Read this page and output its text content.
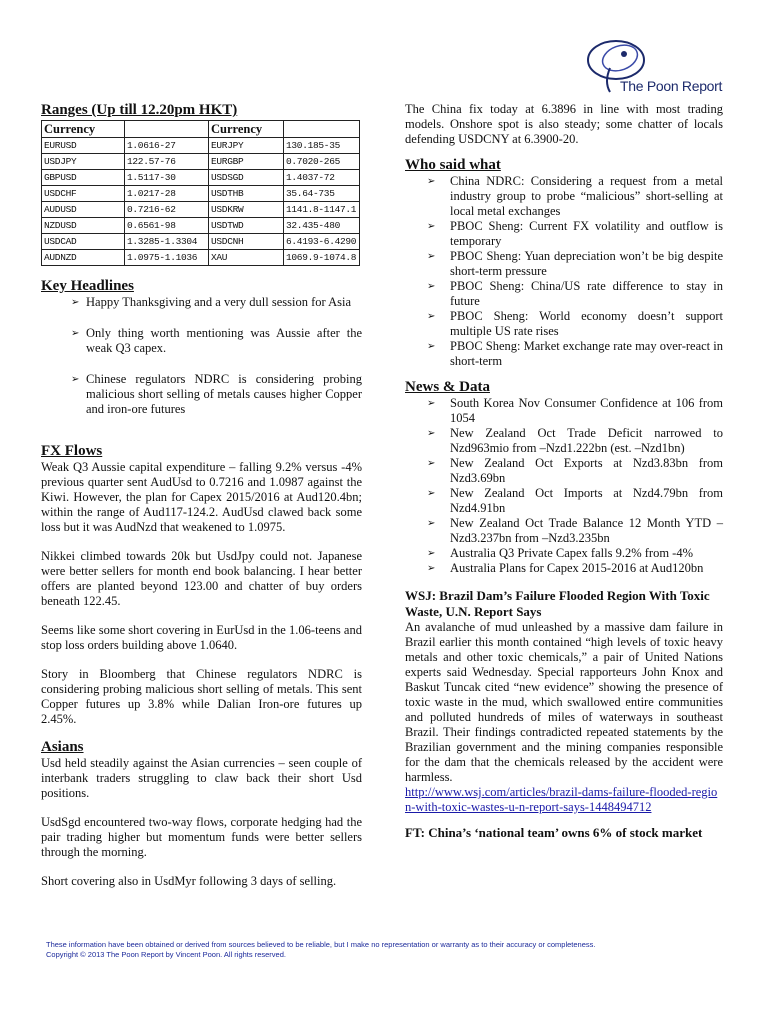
The Poon Report
Ranges (Up till 12.20pm HKT)
Currency		Currency	
EURUSD	1.0616-27	EURJPY	130.185-35
USDJPY	122.57-76	EURGBP	0.7020-265
GBPUSD	1.5117-30	USDSGD	1.4037-72
USDCHF	1.0217-28	USDTHB	35.64-735
AUDUSD	0.7216-62	USDKRW	1141.8-1147.1
NZDUSD	0.6561-98	USDTWD	32.435-480
USDCAD	1.3285-1.3304	USDCNH	6.4193-6.4290
AUDNZD	1.0975-1.1036	XAU	1069.9-1074.8
Key Headlines
➢ Happy Thanksgiving and a very dull session for Asia
➢ Only thing worth mentioning was Aussie after the weak Q3 capex.
➢ Chinese regulators NDRC is considering probing malicious short selling of metals causes higher Copper and iron-ore futures
FX Flows

Weak Q3 Aussie capital expenditure – falling 9.2% versus -4% previous quarter sent AudUsd to 0.7216 and 1.0987 against the Kiwi. However, the plan for Capex 2015/2016 at Aud120.4bn; within the range of Aud117-124.2. AudUsd clawed back some loss but it was AudNzd that weakened to 1.0975.

Nikkei climbed towards 20k but UsdJpy could not. Japanese were better sellers for month end book balancing. I hear better offers are planted beyond 123.00 and chatter of buy orders beneath 122.45.

Seems like some short covering in EurUsd in the 1.06-teens and stop loss orders building above 1.0640.

Story in Bloomberg that Chinese regulators NDRC is considering probing malicious short selling of metals. This sent Copper futures up 3.8% while Dalian Iron-ore futures up 2.45%.

Asians

Usd held steadily against the Asian currencies – seen couple of interbank traders struggling to claw back their short Usd positions.

UsdSgd encountered two-way flows, corporate hedging had the pair trading higher but momentum funds were better sellers through the morning.

Short covering also in UsdMyr following 3 days of selling.

The China fix today at 6.3896 in line with most trading models. Onshore spot is also steady; some chatter of locals defending USDCNY at 6.3900-20.

Who said what
➢ China NDRC: Considering a request from a metal industry group to probe “malicious” short-selling at local metal exchanges
➢ PBOC Sheng: Current FX volatility and outflow is temporary
➢ PBOC Sheng: Yuan depreciation won’t be big despite short-term pressure
➢ PBOC Sheng: China/US rate difference to stay in future
➢ PBOC Sheng: World economy doesn’t support multiple US rate rises
➢ PBOC Sheng: Market exchange rate may over-react in short-term
News & Data
➢ South Korea Nov Consumer Confidence at 106 from 1054
➢ New Zealand Oct Trade Deficit narrowed to Nzd963mio from –Nzd1.222bn (est. –Nzd1bn)
➢ New Zealand Oct Exports at Nzd3.83bn from Nzd3.69bn
➢ New Zealand Oct Imports at Nzd4.79bn from Nzd4.91bn
➢ New Zealand Oct Trade Balance 12 Month YTD –Nzd3.237bn from –Nzd3.235bn
➢ Australia Q3 Private Capex falls 9.2% from -4%
➢ Australia Plans for Capex 2015-2016 at Aud120bn
WSJ: Brazil Dam’s Failure Flooded Region With Toxic Waste, U.N. Report Says

An avalanche of mud unleashed by a massive dam failure in Brazil earlier this month contained “high levels of toxic heavy metals and other toxic chemicals,” a pair of United Nations experts said Wednesday. Special rapporteurs John Knox and Baskut Tuncak cited “new evidence” showing the presence of toxic waste in the mud, which swallowed entire communities and polluted hundreds of miles of waterways in southeast Brazil. Their findings contradicted repeated statements by the Brazilian government and the mining companies responsible for the dam that the chemicals released by the accident were harmless.

http://www.wsj.com/articles/brazil-dams-failure-flooded-region-with-toxic-wastes-u-n-report-says-1448494712

FT: China’s ‘national team’ owns 6% of stock market
These information have been obtained or derived from sources believed to be reliable, but I make no representation or warranty as to their accuracy or completeness.
Copyright © 2013 The Poon Report by Vincent Poon. All rights reserved.
